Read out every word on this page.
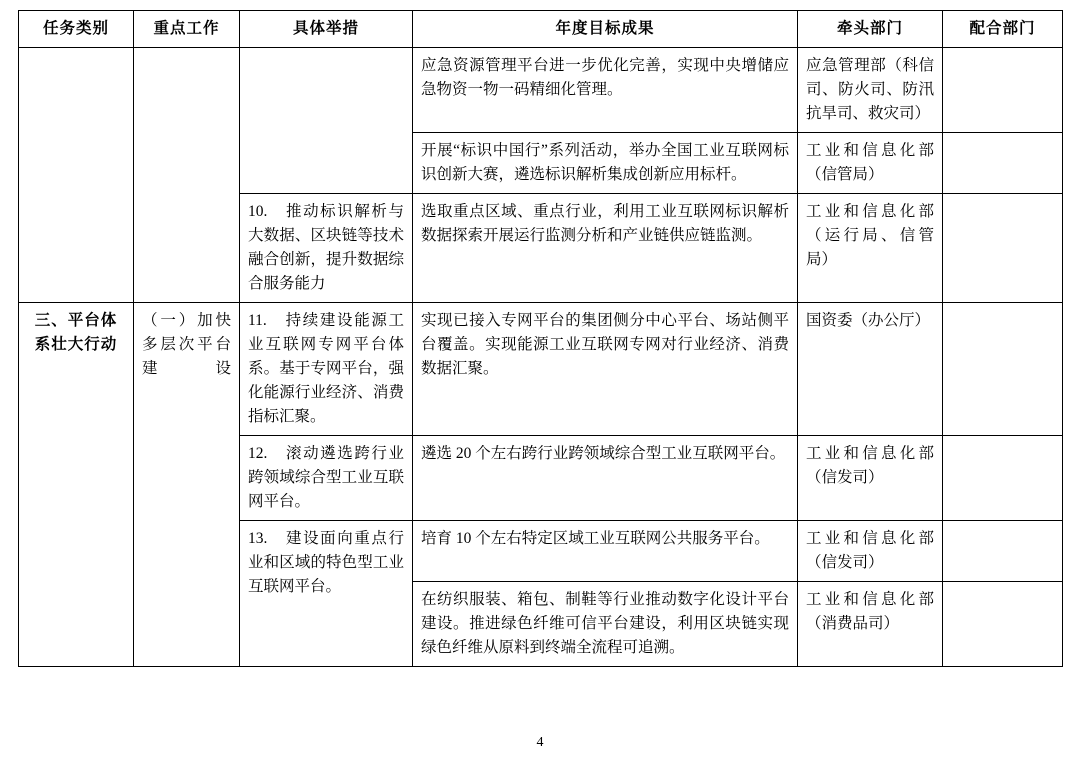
任务类别	重点工作	具体举措	年度目标成果	牵头部门	配合部门
			应急资源管理平台进一步优化完善，实现中央增储应急物资一物一码精细化管理。	应急管理部（科信司、防火司、防汛抗旱司、救灾司）	
			开展“标识中国行”系列活动，举办全国工业互联网标识创新大赛，遴选标识解析集成创新应用标杆。	工业和信息化部（信管局）	
		10.　推动标识解析与大数据、区块链等技术融合创新，提升数据综合服务能力	选取重点区域、重点行业，利用工业互联网标识解析数据探索开展运行监测分析和产业链供应链监测。	工业和信息化部（运行局、信管局）	
三、平台体系壮大行动	（一）加快多层次平台建设	11.　持续建设能源工业互联网专网平台体系。基于专网平台，强化能源行业经济、消费指标汇聚。	实现已接入专网平台的集团侧分中心平台、场站侧平台覆盖。实现能源工业互联网专网对行业经济、消费数据汇聚。	国资委（办公厅）	
		12.　滚动遴选跨行业跨领域综合型工业互联网平台。	遴选 20 个左右跨行业跨领域综合型工业互联网平台。	工业和信息化部（信发司）	
		13.　建设面向重点行业和区域的特色型工业互联网平台。	培育 10 个左右特定区域工业互联网公共服务平台。	工业和信息化部（信发司）	
			在纺织服装、箱包、制鞋等行业推动数字化设计平台建设。推进绿色纤维可信平台建设，利用区块链实现绿色纤维从原料到终端全流程可追溯。	工业和信息化部（消费品司）	
4
